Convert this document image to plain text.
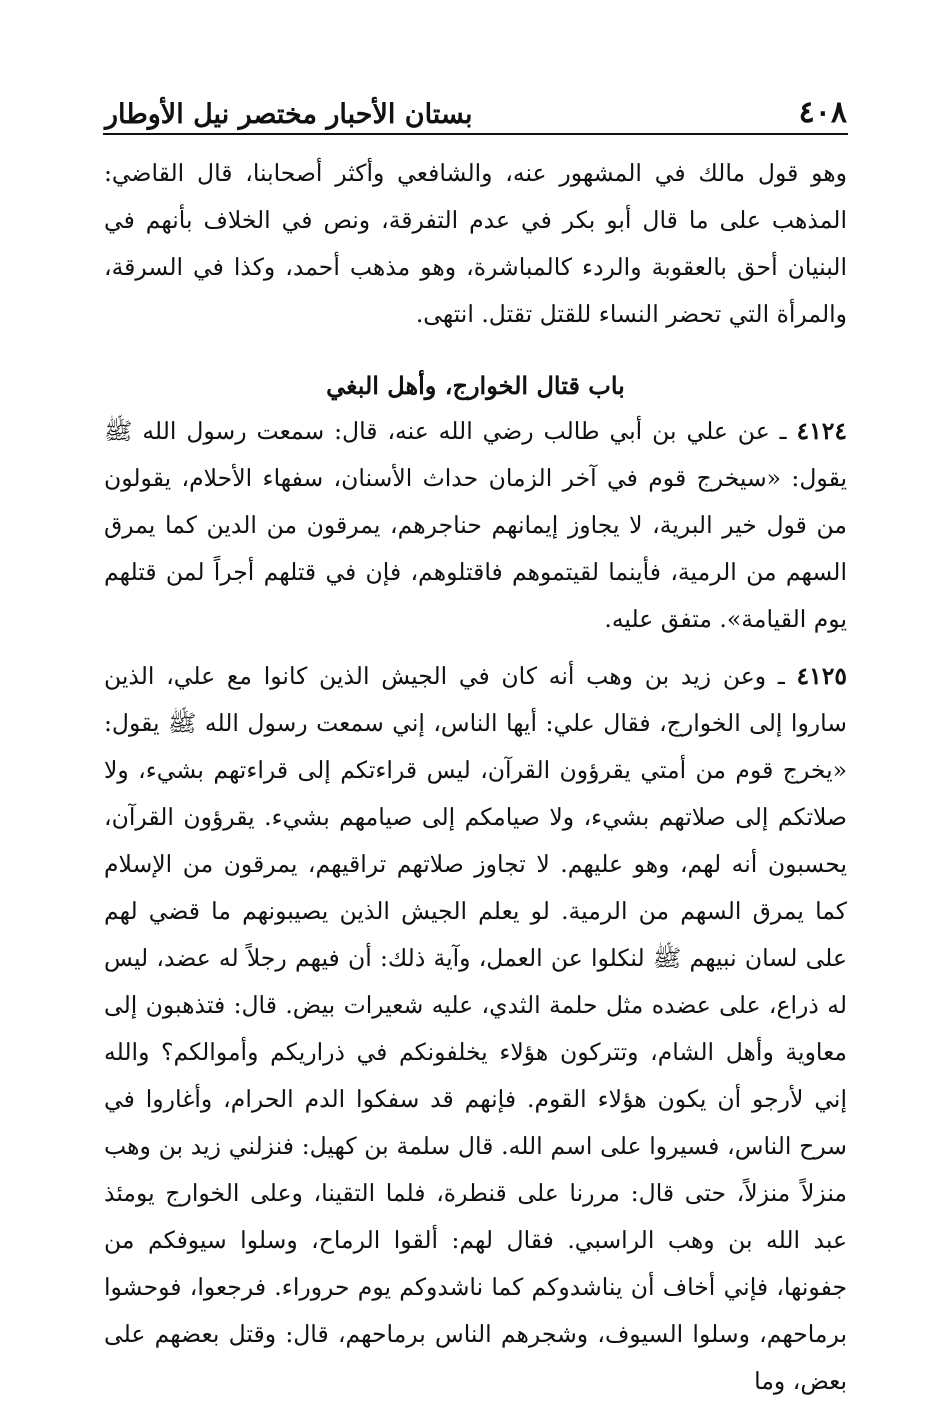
٤٠٨
بستان الأحبار مختصر نيل الأوطار

وهو قول مالك في المشهور عنه، والشافعي وأكثر أصحابنا، قال القاضي: المذهب على ما قال أبو بكر في عدم التفرقة، ونص في الخلاف بأنهم في البنيان أحق بالعقوبة والردء كالمباشرة، وهو مذهب أحمد، وكذا في السرقة، والمرأة التي تحضر النساء للقتل تقتل. انتهى.

باب قتال الخوارج، وأهل البغي

٤١٢٤ ـ عن علي بن أبي طالب رضي الله عنه، قال: سمعت رسول الله ﷺ يقول: «سيخرج قوم في آخر الزمان حداث الأسنان، سفهاء الأحلام، يقولون من قول خير البرية، لا يجاوز إيمانهم حناجرهم، يمرقون من الدين كما يمرق السهم من الرمية، فأينما لقيتموهم فاقتلوهم، فإن في قتلهم أجراً لمن قتلهم يوم القيامة». متفق عليه.

٤١٢٥ ـ وعن زيد بن وهب أنه كان في الجيش الذين كانوا مع علي، الذين ساروا إلى الخوارج، فقال علي: أيها الناس، إني سمعت رسول الله ﷺ يقول: «يخرج قوم من أمتي يقرؤون القرآن، ليس قراءتكم إلى قراءتهم بشيء، ولا صلاتكم إلى صلاتهم بشيء، ولا صيامكم إلى صيامهم بشيء. يقرؤون القرآن، يحسبون أنه لهم، وهو عليهم. لا تجاوز صلاتهم تراقيهم، يمرقون من الإسلام كما يمرق السهم من الرمية. لو يعلم الجيش الذين يصيبونهم ما قضي لهم على لسان نبيهم ﷺ لنكلوا عن العمل، وآية ذلك: أن فيهم رجلاً له عضد، ليس له ذراع، على عضده مثل حلمة الثدي، عليه شعيرات بيض. قال: فتذهبون إلى معاوية وأهل الشام، وتتركون هؤلاء يخلفونكم في ذراريكم وأموالكم؟ والله إني لأرجو أن يكون هؤلاء القوم. فإنهم قد سفكوا الدم الحرام، وأغاروا في سرح الناس، فسيروا على اسم الله. قال سلمة بن كهيل: فنزلني زيد بن وهب منزلاً منزلاً، حتى قال: مررنا على قنطرة، فلما التقينا، وعلى الخوارج يومئذ عبد الله بن وهب الراسبي. فقال لهم: ألقوا الرماح، وسلوا سيوفكم من جفونها، فإني أخاف أن يناشدوكم كما ناشدوكم يوم حروراء. فرجعوا، فوحشوا برماحهم، وسلوا السيوف، وشجرهم الناس برماحهم، قال: وقتل بعضهم على بعض، وما
